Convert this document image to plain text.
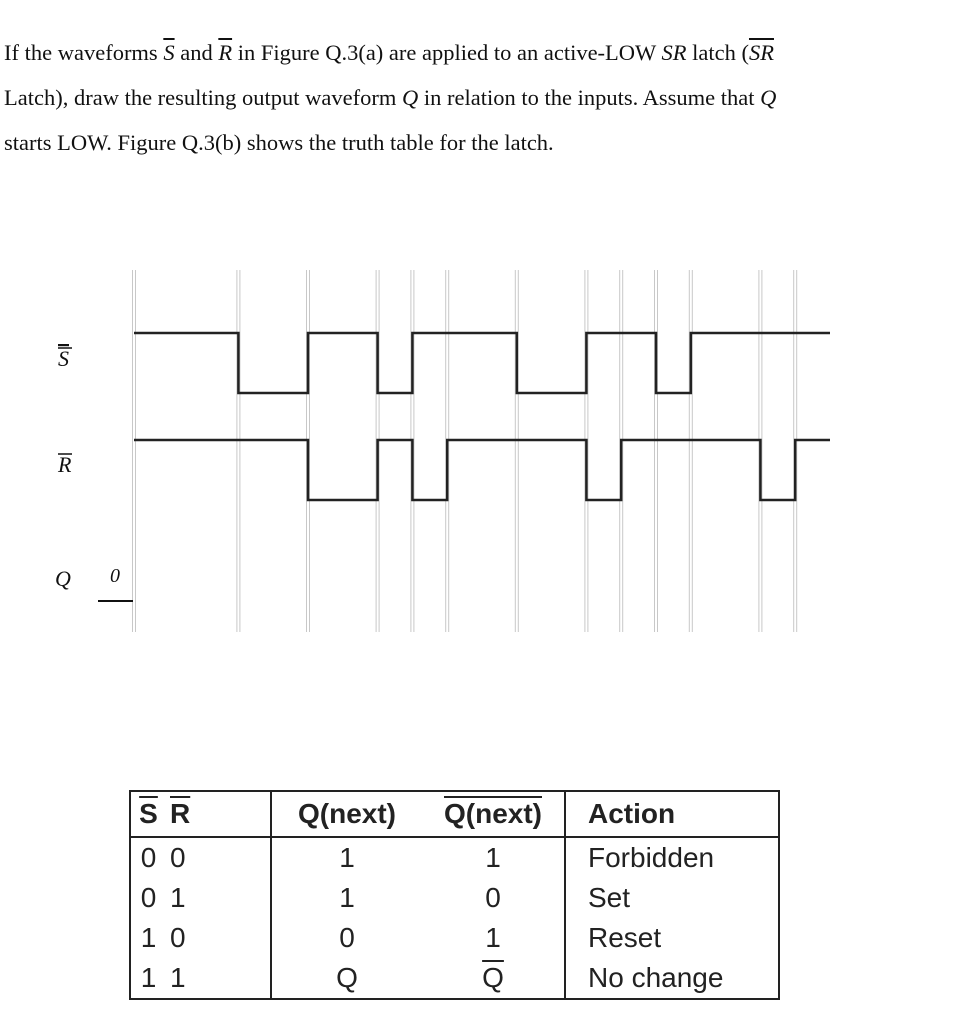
If the waveforms $\overline{S}$ and $\overline{R}$ in Figure Q.3(a) are applied to an active-LOW SR latch ($\overline{SR}$
Latch), draw the resulting output waveform Q in relation to the inputs. Assume that Q
starts LOW. Figure Q.3(b) shows the truth table for the latch.

S
R
Q 0
$\overline{S}$	$\overline{R}$	Q(next)	Q(next)	Action
0	0	1	1	Forbidden
0	1	1	0	Set
1	0	0	1	Reset
1	1	Q	$\overline{Q}$	No change
